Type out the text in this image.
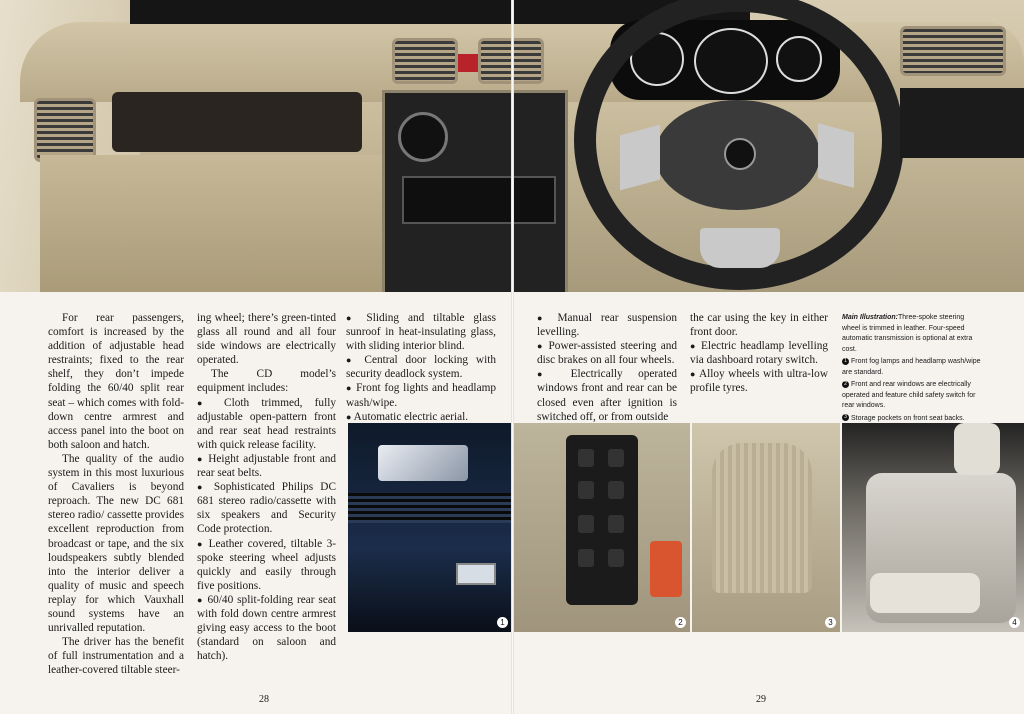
For rear passengers, comfort is increased by the addition of adjustable head restraints; fixed to the rear shelf, they don’t impede folding the 60/40 split rear seat – which comes with fold-down centre armrest and access panel into the boot on both saloon and hatch.

The quality of the audio system in this most luxurious of Cavaliers is beyond reproach. The new DC 681 stereo radio/ cassette provides excellent reproduction from broadcast or tape, and the six loudspeakers subtly blended into the interior deliver a quality of music and speech replay for which Vauxhall sound systems have an unrivalled reputation.

The driver has the benefit of full instrumentation and a leather-covered tiltable steer-

ing wheel; there’s green-tinted glass all round and all four side windows are electrically operated.

The CD model’s equipment includes:

● Cloth trimmed, fully adjustable open-pattern front and rear seat head restraints with quick release facility.

● Height adjustable front and rear seat belts.

● Sophisticated Philips DC 681 stereo radio/cassette with six speakers and Security Code protection.

● Leather covered, tiltable 3-spoke steering wheel adjusts quickly and easily through five positions.

● 60/40 split-folding rear seat with fold down centre armrest giving easy access to the boot (standard on saloon and hatch).

● Sliding and tiltable glass sunroof in heat-insulating glass, with sliding interior blind.

● Central door locking with security deadlock system.

● Front fog lights and headlamp wash/wipe.

● Automatic electric aerial.

● Manual rear suspension levelling.

● Power-assisted steering and disc brakes on all four wheels.

● Electrically operated windows front and rear can be closed even after ignition is switched off, or from outside

the car using the key in either front door.

● Electric headlamp levelling via dashboard rotary switch.

● Alloy wheels with ultra-low profile tyres.

Main Illustration:Three-spoke steering wheel is trimmed in leather. Four-speed automatic transmission is optional at extra cost.
1 Front fog lamps and headlamp wash/wipe are standard.
2 Front and rear windows are electrically operated and feature child safety switch for rear windows.
3 Storage pockets on front seat backs.
1	2	3	4
28	29
